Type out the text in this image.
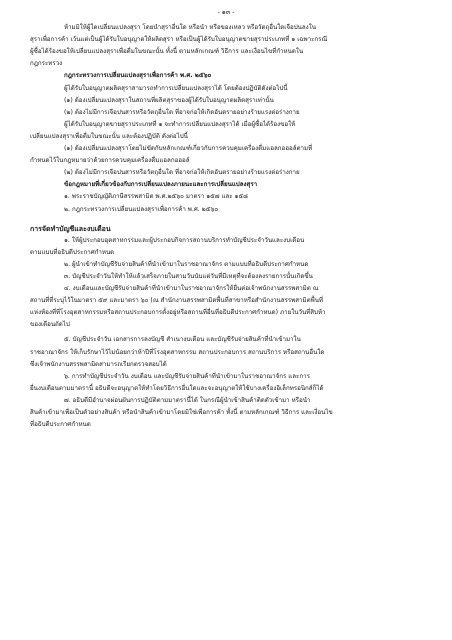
- ๑๓ -

ห้ามมิให้ผู้ใดเปลี่ยนแปลงสุรา โดยนำสุราอื่นใด หรือนำ หรือของเหลว หรือวัตถุอื่นใดเจือปนลงใน

สุราเพื่อการค้า เว้นแต่เป็นผู้ได้รับใบอนุญาตให้ผลิตสุรา หรือเป็นผู้ได้รับใบอนุญาตขายสุราประเภทที่ ๑ เฉพาะกรณี

ผู้ซื้อได้ร้องขอให้เปลี่ยนแปลงสุราเพื่อดื่มในขณะนั้น ทั้งนี้ ตามหลักเกณฑ์ วิธีการ และเงื่อนไขที่กำหนดใน

กฎกระทรวง

กฎกระทรวงการเปลี่ยนแปลงสุราเพื่อการค้า พ.ศ. ๒๕๖๐

ผู้ได้รับใบอนุญาตผลิตสุราสามารถทำการเปลี่ยนแปลงสุราได้ โดยต้องปฏิบัติดังต่อไปนี้

(๑) ต้องเปลี่ยนแปลงสุราในสถานที่ผลิตสุราของผู้ได้รับใบอนุญาตผลิตสุราเท่านั้น

(๒) ต้องไม่มีการเจือปนสารหรือวัตถุอื่นใด ที่อาจก่อให้เกิดอันตรายอย่างร้ายแรงต่อร่างกาย

ผู้ได้รับใบอนุญาตขายสุราประเภทที่ ๑ จะทำการเปลี่ยนแปลงสุราได้ เมื่อผู้ซื้อได้ร้องขอให้

เปลี่ยนแปลงสุราเพื่อดื่มในขณะนั้น และต้องปฏิบัติ ดังต่อไปนี้

(๑) ต้องเปลี่ยนแปลงสุราโดยไม่ขัดกับหลักเกณฑ์เกี่ยวกับการควบคุมเครื่องดื่มแอลกอฮอล์ตามที่

กำหนดไว้ในกฎหมายว่าด้วยการควบคุมเครื่องดื่มแอลกอฮอล์

(๒) ต้องไม่มีการเจือปนสารหรือวัตถุอื่นใด ที่อาจก่อให้เกิดอันตรายอย่างร้ายแรงต่อร่างกาย

ข้อกฎหมายที่เกี่ยวข้องกับการเปลี่ยนแปลงภายนะและการเปลี่ยนแปลงสุรา

๑. พระราชบัญญัติภาษีสรรพสามิต พ.ศ.๒๕๖๐ มาตรา ๑๕๗ และ ๑๕๘

๒. กฎกระทรวงการเปลี่ยนแปลงสุราเพื่อการค้า พ.ศ. ๒๕๖๐

การจัดทำบัญชีและงบเดือน

๑. ให้ผู้ประกอบอุตสาหกรรมและผู้ประกอบกิจการสถานบริการทำบัญชีประจำวันและงบเดือน

ตามแบบที่อธิบดีประกาศกำหนด

๒. ผู้นำเข้าทำบัญชีรับจ่ายสินค้าที่นำเข้ามาในราชอาณาจักร ตามแบบที่อธิบดีประกาศกำหนด

๓. บัญชีประจำวันให้ทำให้แล้วเสร็จภายในสามวันนับแต่วันที่มีเหตุที่จะต้องลงรายการนั้นเกิดขึ้น

๔. งบเดือนและบัญชีรับจ่ายสินค้าที่นำเข้ามาในราชอาณาจักรให้ยื่นต่อเจ้าพนักงานสรรพสามิต ณ

สถานที่ที่ระบุไว้ในมาตรา ๕๙ และมาตรา ๖๐ (ณ สำนักงานสรรพสามิตพื้นที่สาขาหรือสำนักงานสรรพสามิตพื้นที่

แห่งท้องที่ที่โรงอุตสาหกรรมหรือสถานประกอบการตั้งอยู่หรือสถานที่อื่นที่อธิบดีประกาศกำหนด) ภายในวันที่สิบห้า

ของเดือนถัดไป

๕. บัญชีประจำวัน เอกสารการลงบัญชี สำเนางบเดือน และบัญชีรับจ่ายสินค้าที่นำเข้ามาใน

ราชอาณาจักร ให้เก็บรักษาไว้ไม่น้อยกว่าห้าปีที่โรงอุตสาหกรรม สถานประกอบการ สถานบริการ หรือสถานอื่นใด

ซึ่งเจ้าพนักงานสรรพสามิตสามารถเรียกตรวจสอบได้

๖. การทำบัญชีประจำวัน งบเดือน และบัญชีรับจ่ายสินค้าที่นำเข้ามาในราชอาณาจักร และการ

ยื่นงบเดือนตามมาตรานี้ อธิบดีจะอนุญาตให้ทำโดยวิธีการอื่นใดและจะอนุญาตให้ใช้บางเครื่องอิเล็กทรอนิกส์ก็ได้

๗. อธิบดีมีอำนาจผ่อนผันการปฏิบัติตามมาตรานี้ได้ ในกรณีผู้นำเข้าสินค้าติดตัวเข้ามา หรือนำ

สินค้าเข้ามาเพื่อเป็นตัวอย่างสินค้า หรือนำสินค้าเข้ามาโดยมิใช่เพื่อการค้า ทั้งนี้ ตามหลักเกณฑ์ วิธีการ และเงื่อนไข

ที่อธิบดีประกาศกำหนด
